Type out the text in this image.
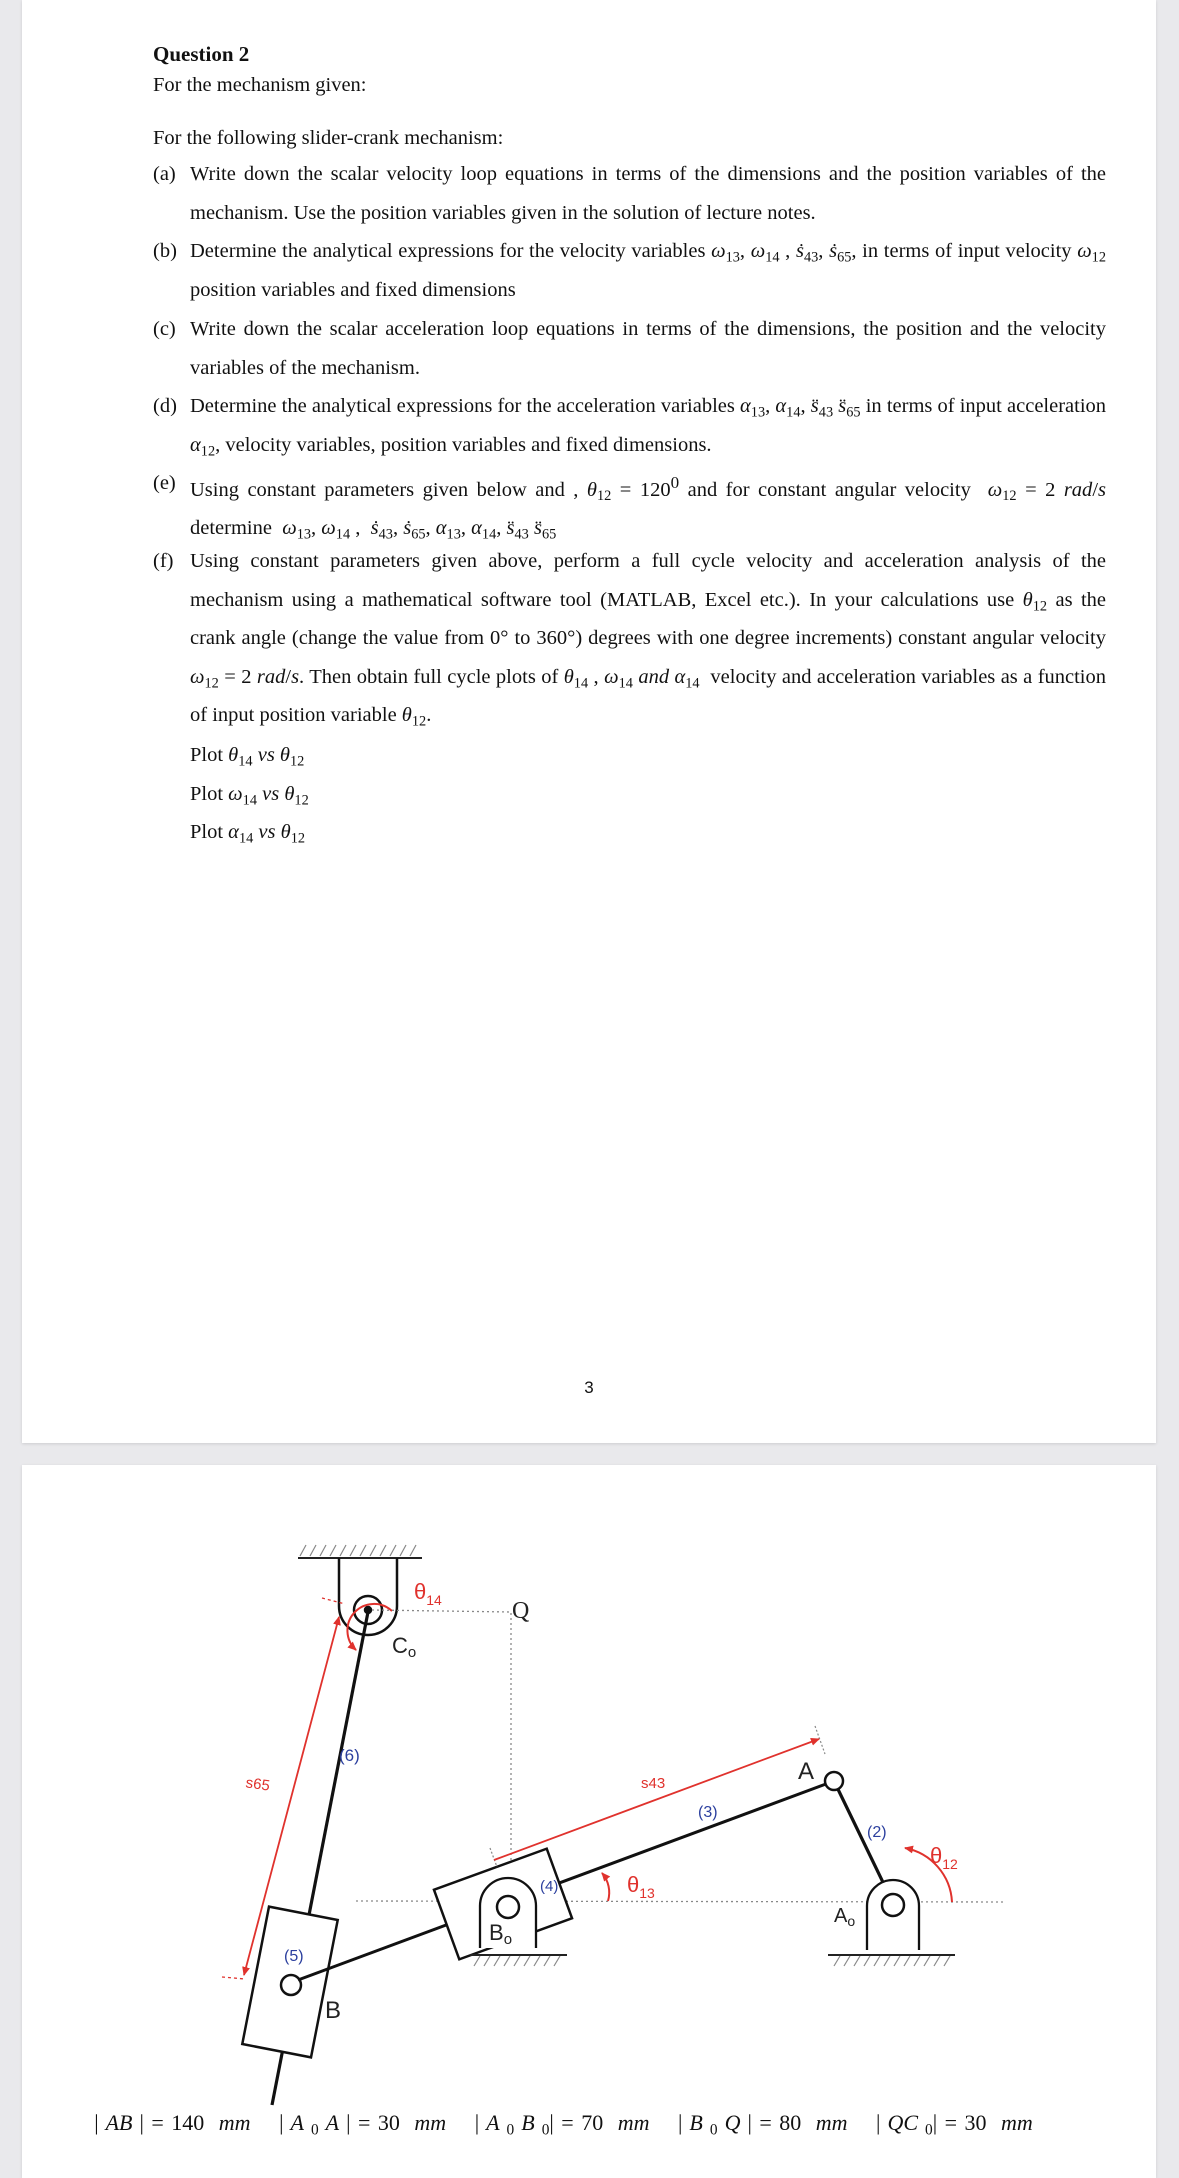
Question 2
For the mechanism given:
For the following slider-crank mechanism:
(a) Write down the scalar velocity loop equations in terms of the dimensions and the position variables of the mechanism. Use the position variables given in the solution of lecture notes.
(b) Determine the analytical expressions for the velocity variables $\omega_{13}$, $\omega_{14}$ , ṡ$_{43}$, ṡ$_{65}$, in terms of input velocity $\omega_{12}$ position variables and fixed dimensions
(c) Write down the scalar acceleration loop equations in terms of the dimensions, the position and the velocity variables of the mechanism.
(d) Determine the analytical expressions for the acceleration variables $\alpha_{13}$, $\alpha_{14}$, $s̈_{43}$ $s̈_{65}$ in terms of input acceleration $\alpha_{12}$, velocity variables, position variables and fixed dimensions.
(e) Using constant parameters given below and , $\theta_{12} = 120^0$ and for constant angular velocity  $\omega_{12} = 2$ rad/s determine  $\omega_{13}$, $\omega_{14}$ ,  ṡ$_{43}$, ṡ$_{65}$, $\alpha_{13}$, $\alpha_{14}$, $s̈_{43}$ $s̈_{65}$
(f) Using constant parameters given above, perform a full cycle velocity and acceleration analysis of the mechanism using a mathematical software tool (MATLAB, Excel etc.). In your calculations use $\theta_{12}$ as the crank angle (change the value from 0° to 360°) degrees with one degree increments) constant angular velocity $\omega_{12} = 2$ rad/s. Then obtain full cycle plots of $\theta_{14}$ , $\omega_{14}$ and $\alpha_{14}$  velocity and acceleration variables as a function of input position variable $\theta_{12}$.
Plot $\theta_{14}$ vs $\theta_{12}$
Plot $\omega_{14}$ vs $\theta_{12}$
Plot $\alpha_{14}$ vs $\theta_{12}$
3
$\theta_{14}$	Q
Co
(6)
s65	s43
(3)
A
(2)
$\theta_{12}$
(4)	$\theta_{13}$
Bo
$A_o$
(5)
B
| AB | = 140 mm | A $_0$ A | = 30 mm | A $_0$ B $_0$| = 70 mm | B $_0$ Q | = 80 mm | QC $_0$| = 30 mm
